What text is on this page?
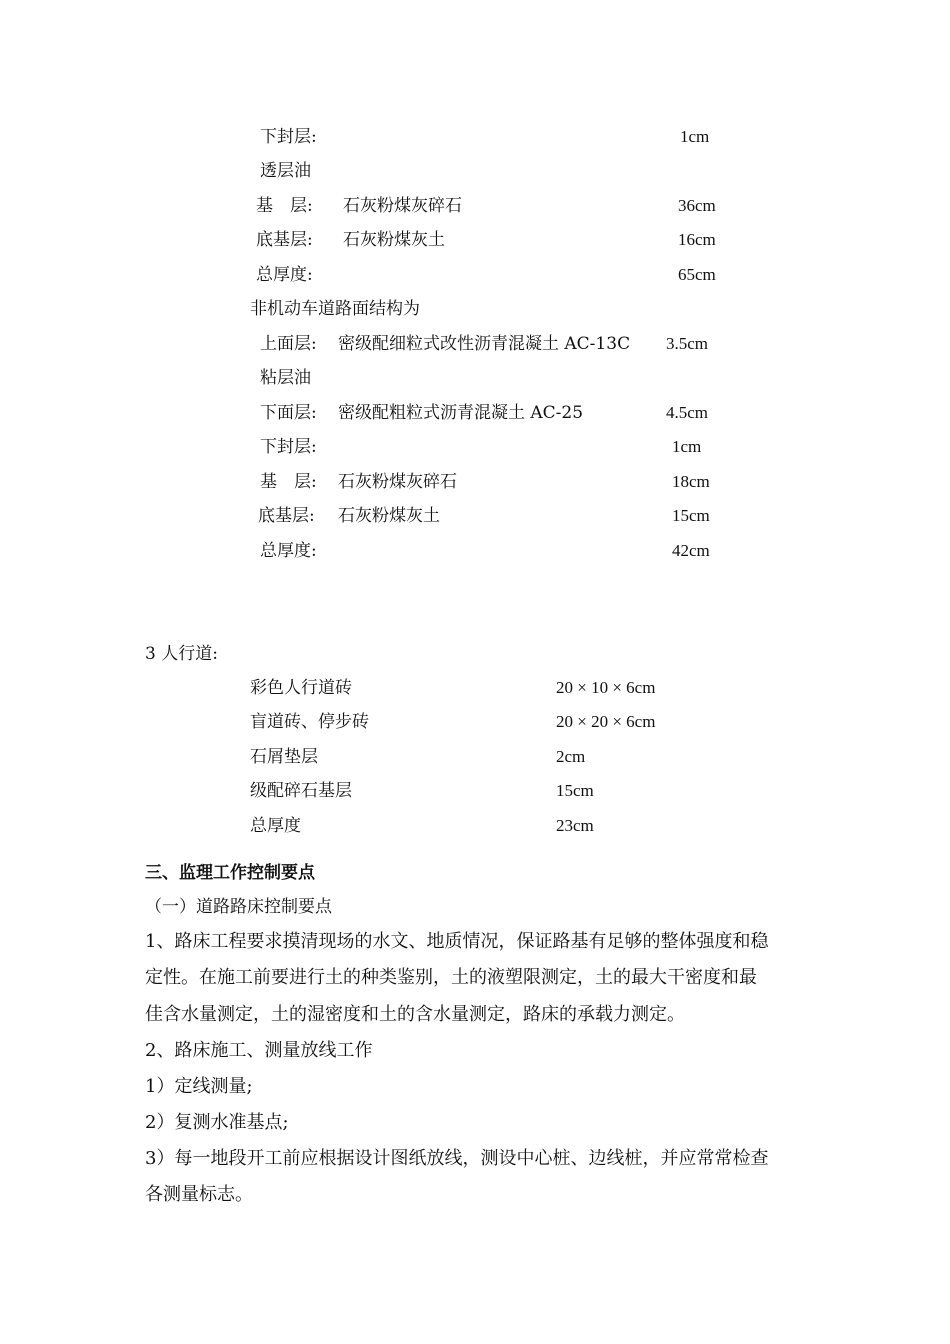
下封层:	1cm
透层油
基　层: 石灰粉煤灰碎石	36cm
底基层: 石灰粉煤灰土	16cm
总厚度:	65cm
非机动车道路面结构为
上面层: 密级配细粒式改性沥青混凝土 AC-13C 3.5cm
粘层油
下面层: 密级配粗粒式沥青混凝土 AC-25	4.5cm
下封层:	1cm
基　层: 石灰粉煤灰碎石	18cm
底基层: 石灰粉煤灰土	15cm
总厚度:	42cm
3 人行道:
彩色人行道砖	20 × 10 × 6cm
盲道砖、停步砖	20 × 20 × 6cm
石屑垫层	2cm
级配碎石基层	15cm
总厚度	23cm
三、监理工作控制要点
（一）道路路床控制要点
1、路床工程要求摸清现场的水文、地质情况，保证路基有足够的整体强度和稳
定性。在施工前要进行土的种类鉴别，土的液塑限测定，土的最大干密度和最
佳含水量测定，土的湿密度和土的含水量测定，路床的承载力测定。
2、路床施工、测量放线工作
1）定线测量;
2）复测水准基点;
3）每一地段开工前应根据设计图纸放线，测设中心桩、边线桩，并应常常检查
各测量标志。
